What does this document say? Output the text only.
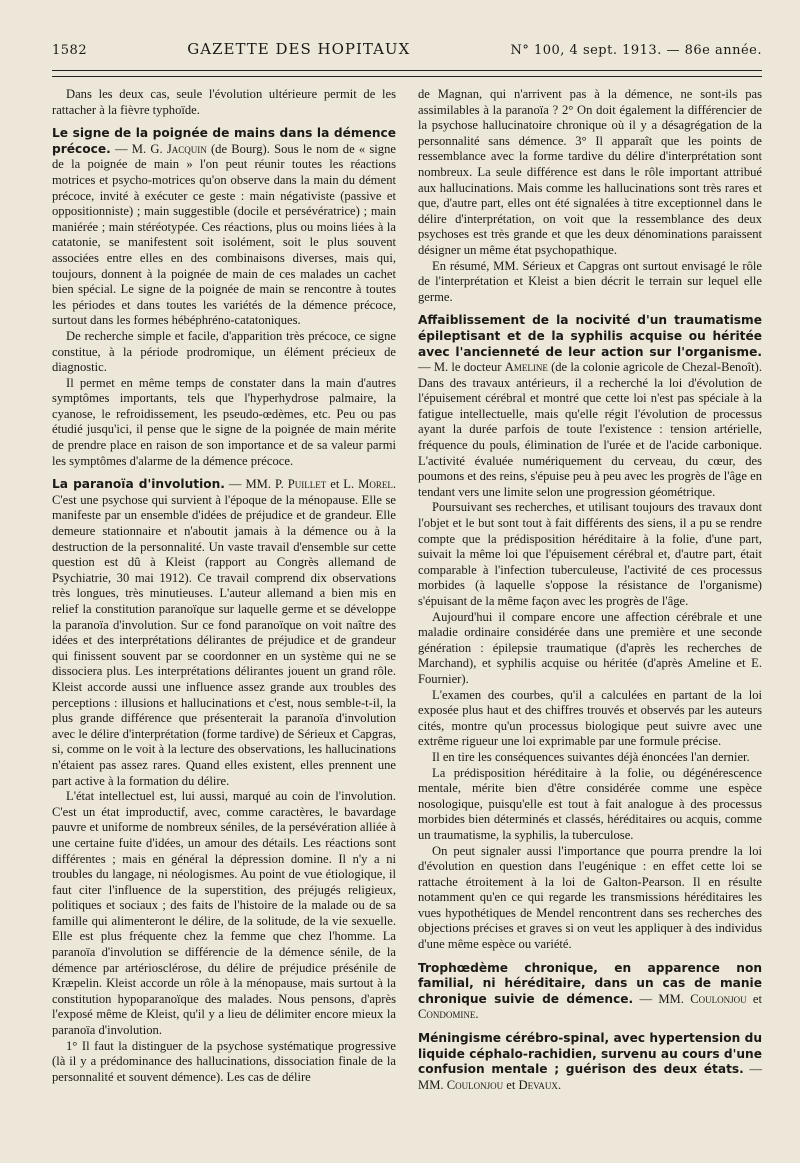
1582	GAZETTE DES HOPITAUX	N° 100, 4 sept. 1913. — 86e année.

Dans les deux cas, seule l'évolution ultérieure permit de les rattacher à la fièvre typhoïde.

Le signe de la poignée de mains dans la démence précoce. — M. G. Jacquin (de Bourg). Sous le nom de « signe de la poignée de main » l'on peut réunir toutes les réactions motrices et psycho-motrices qu'on observe dans la main du dément précoce, invité à exécuter ce geste : main négativiste (passive et oppositionniste) ; main suggestible (docile et persévératrice) ; main maniérée ; main stéréotypée. Ces réactions, plus ou moins liées à la catatonie, se manifestent soit isolément, soit le plus souvent associées entre elles en des combinaisons diverses, mais qui, toujours, donnent à la poignée de main de ces malades un cachet bien spécial. Le signe de la poignée de main se rencontre à toutes les périodes et dans toutes les variétés de la démence précoce, surtout dans les formes hébéphréno-catatoniques.

De recherche simple et facile, d'apparition très précoce, ce signe constitue, à la période prodromique, un élément précieux de diagnostic.

Il permet en même temps de constater dans la main d'autres symptômes importants, tels que l'hyperhydrose palmaire, la cyanose, le refroidissement, les pseudo-œdèmes, etc. Peu ou pas étudié jusqu'ici, il pense que le signe de la poignée de main mérite de prendre place en raison de son importance et de sa valeur parmi les symptômes d'alarme de la démence précoce.

La paranoïa d'involution. — MM. P. Puillet et L. Morel. C'est une psychose qui survient à l'époque de la ménopause. Elle se manifeste par un ensemble d'idées de préjudice et de grandeur. Elle demeure stationnaire et n'aboutit jamais à la démence ou à la destruction de la personnalité. Un vaste travail d'ensemble sur cette question est dû à Kleist (rapport au Congrès allemand de Psychiatrie, 30 mai 1912). Ce travail comprend dix observations très longues, très minutieuses. L'auteur allemand a bien mis en relief la constitution paranoïque sur laquelle germe et se développe la paranoïa d'involution. Sur ce fond paranoïque on voit naître des idées et des interprétations délirantes de préjudice et de grandeur qui finissent souvent par se coordonner en un système qui ne se dissociera plus. Les interprétations délirantes jouent un grand rôle. Kleist accorde aussi une influence assez grande aux troubles des perceptions : illusions et hallucinations et c'est, nous semble-t-il, la plus grande différence que présenterait la paranoïa d'involution avec le délire d'interprétation (forme tardive) de Sérieux et Capgras, si, comme on le voit à la lecture des observations, les hallucinations n'étaient pas assez rares. Quand elles existent, elles prennent une part active à la formation du délire.

L'état intellectuel est, lui aussi, marqué au coin de l'involution. C'est un état improductif, avec, comme caractères, le bavardage pauvre et uniforme de nombreux séniles, de la persévération alliée à une certaine fuite d'idées, un amour des détails. Les réactions sont différentes ; mais en général la dépression domine. Il n'y a ni troubles du langage, ni néologismes. Au point de vue étiologique, il faut citer l'influence de la superstition, des préjugés religieux, politiques et sociaux ; des faits de l'histoire de la malade ou de sa famille qui alimenteront le délire, de la solitude, de la vie sexuelle. Elle est plus fréquente chez la femme que chez l'homme. La paranoïa d'involution se différencie de la démence sénile, de la démence par artériosclérose, du délire de préjudice présénile de Kræpelin. Kleist accorde un rôle à la ménopause, mais surtout à la constitution hypoparanoïque des malades. Nous pensons, d'après l'exposé même de Kleist, qu'il y a lieu de délimiter encore mieux la paranoïa d'involution.

1° Il faut la distinguer de la psychose systématique progressive (là il y a prédominance des hallucinations, dissociation finale de la personnalité et souvent démence). Les cas de délire

de Magnan, qui n'arrivent pas à la démence, ne sont-ils pas assimilables à la paranoïa ? 2° On doit également la différencier de la psychose hallucinatoire chronique où il y a désagrégation de la personnalité sans démence. 3° Il apparaît que les points de ressemblance avec la forme tardive du délire d'interprétation sont nombreux. La seule différence est dans le rôle important attribué aux hallucinations. Mais comme les hallucinations sont très rares et que, d'autre part, elles ont été signalées à titre exceptionnel dans le délire d'interprétation, on voit que la ressemblance des deux psychoses est très grande et que les deux dénominations paraissent désigner un même état psychopathique.

En résumé, MM. Sérieux et Capgras ont surtout envisagé le rôle de l'interprétation et Kleist a bien décrit le terrain sur lequel elle germe.

Affaiblissement de la nocivité d'un traumatisme épileptisant et de la syphilis acquise ou héritée avec l'ancienneté de leur action sur l'organisme. — M. le docteur Ameline (de la colonie agricole de Chezal-Benoît). Dans des travaux antérieurs, il a recherché la loi d'évolution de l'épuisement cérébral et montré que cette loi n'est pas spéciale à la fatigue intellectuelle, mais qu'elle régit l'évolution de processus ayant la durée parfois de toute l'existence : tension artérielle, fréquence du pouls, élimination de l'urée et de l'acide carbonique. L'activité évaluée numériquement du cerveau, du cœur, des poumons et des reins, s'épuise peu à peu avec les progrès de l'âge en tendant vers une limite selon une progression géométrique.

Poursuivant ses recherches, et utilisant toujours des travaux dont l'objet et le but sont tout à fait différents des siens, il a pu se rendre compte que la prédisposition héréditaire à la folie, d'une part, suivait la même loi que l'épuisement cérébral et, d'autre part, était comparable à l'infection tuberculeuse, l'activité de ces processus morbides (à laquelle s'oppose la résistance de l'organisme) s'épuisant de la même façon avec les progrès de l'âge.

Aujourd'hui il compare encore une affection cérébrale et une maladie ordinaire considérée dans une première et une seconde génération : épilepsie traumatique (d'après les recherches de Marchand), et syphilis acquise ou héritée (d'après Ameline et E. Fournier).

L'examen des courbes, qu'il a calculées en partant de la loi exposée plus haut et des chiffres trouvés et observés par les auteurs cités, montre qu'un processus biologique peut suivre avec une extrême rigueur une loi exprimable par une formule précise.

Il en tire les conséquences suivantes déjà énoncées l'an dernier.

La prédisposition héréditaire à la folie, ou dégénérescence mentale, mérite bien d'être considérée comme une espèce nosologique, puisqu'elle est tout à fait analogue à des processus morbides bien déterminés et classés, héréditaires ou acquis, comme un traumatisme, la syphilis, la tuberculose.

On peut signaler aussi l'importance que pourra prendre la loi d'évolution en question dans l'eugénique : en effet cette loi se rattache étroitement à la loi de Galton-Pearson. Il en résulte notamment qu'en ce qui regarde les transmissions héréditaires les vues hypothétiques de Mendel rencontrent dans ses recherches des objections précises et graves si on veut les appliquer à des individus d'une même espèce ou variété.

Trophœdème chronique, en apparence non familial, ni héréditaire, dans un cas de manie chronique suivie de démence. — MM. Coulonjou et Condomine.

Méningisme cérébro-spinal, avec hypertension du liquide céphalo-rachidien, survenu au cours d'une confusion mentale ; guérison des deux états. — MM. Coulonjou et Devaux.
